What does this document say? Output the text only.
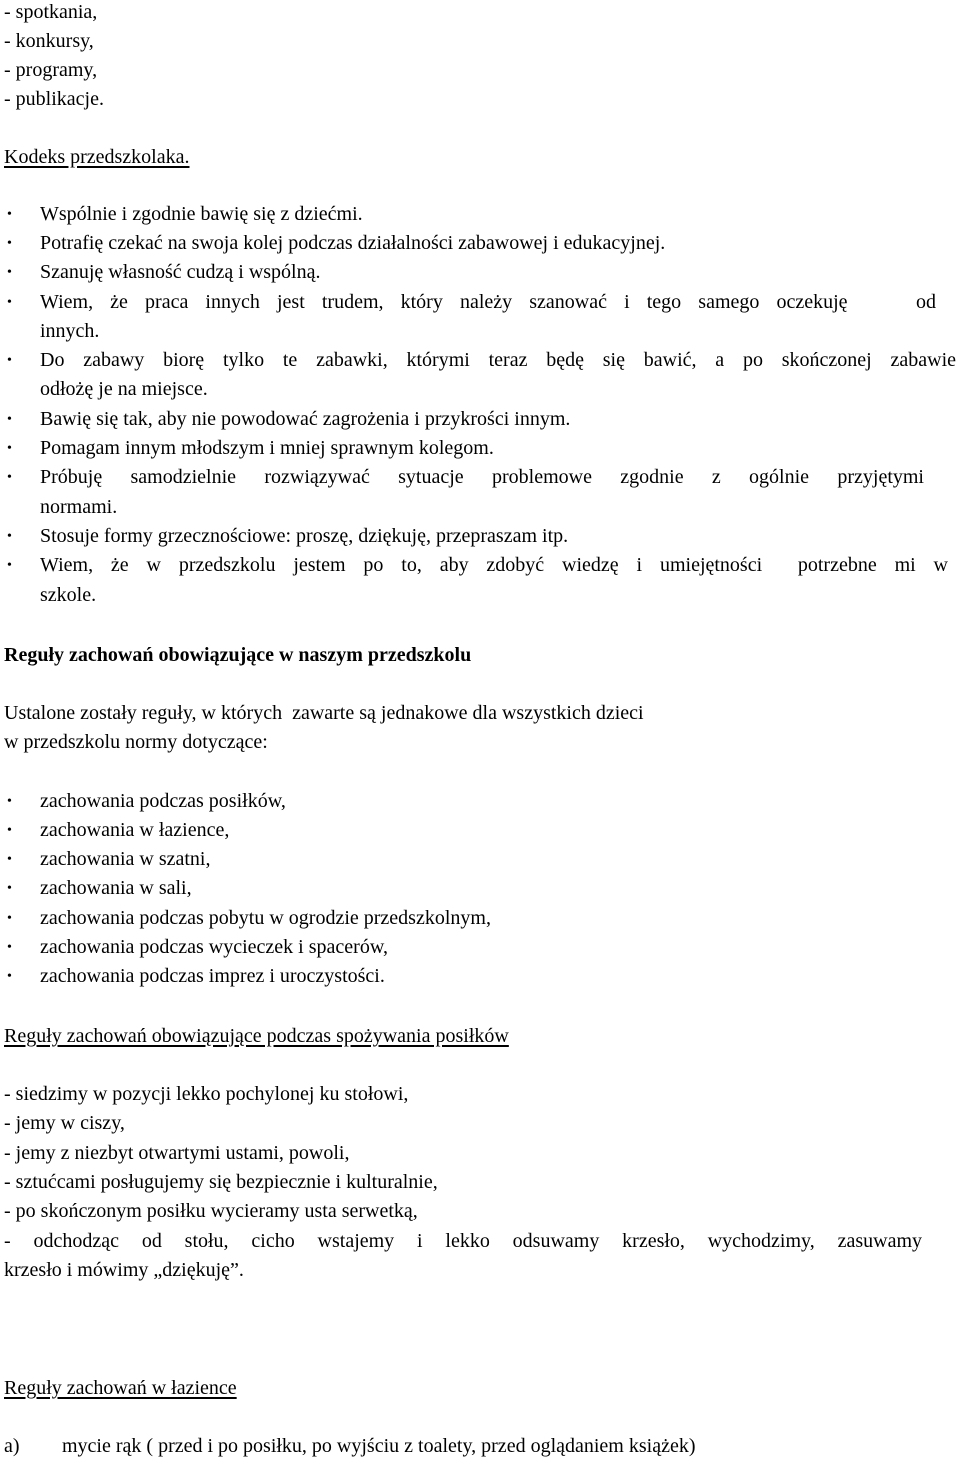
- spotkania,
- konkursy,
- programy,
- publikacje.
Kodeks przedszkolaka.
• Wspólnie i zgodnie bawię się z dziećmi.
• Potrafię czekać na swoja kolej podczas działalności zabawowej i edukacyjnej.
• Szanuję własność cudzą i wspólną.
• Wiem, że praca innych jest trudem, który należy szanować i tego samego oczekuję    od
innych.
• Do zabawy biorę tylko te zabawki, którymi teraz będę się bawić, a po skończonej zabawie
odłożę je na miejsce.
• Bawię się tak, aby nie powodować zagrożenia i przykrości innym.
• Pomagam innym młodszym i mniej sprawnym kolegom.
• Próbuję samodzielnie rozwiązywać sytuacje problemowe zgodnie z ogólnie przyjętymi
normami.
• Stosuje formy grzecznościowe: proszę, dziękuję, przepraszam itp.
• Wiem, że w przedszkolu jestem po to, aby zdobyć wiedzę i umiejętności  potrzebne mi w
szkole.
Reguły zachowań obowiązujące w naszym przedszkolu
Ustalone zostały reguły, w których  zawarte są jednakowe dla wszystkich dzieci
w przedszkolu normy dotyczące:
• zachowania podczas posiłków,
• zachowania w łazience,
• zachowania w szatni,
• zachowania w sali,
• zachowania podczas pobytu w ogrodzie przedszkolnym,
• zachowania podczas wycieczek i spacerów,
• zachowania podczas imprez i uroczystości.
Reguły zachowań obowiązujące podczas spożywania posiłków
- siedzimy w pozycji lekko pochylonej ku stołowi,
- jemy w ciszy,
- jemy z niezbyt otwartymi ustami, powoli,
- sztućcami posługujemy się bezpiecznie i kulturalnie,
- po skończonym posiłku wycieramy usta serwetką,
- odchodząc od stołu, cicho wstajemy i lekko odsuwamy krzesło, wychodzimy, zasuwamy
krzesło i mówimy „dziękuję”.
Reguły zachowań w łazience
a) mycie rąk ( przed i po posiłku, po wyjściu z toalety, przed oglądaniem książek)
